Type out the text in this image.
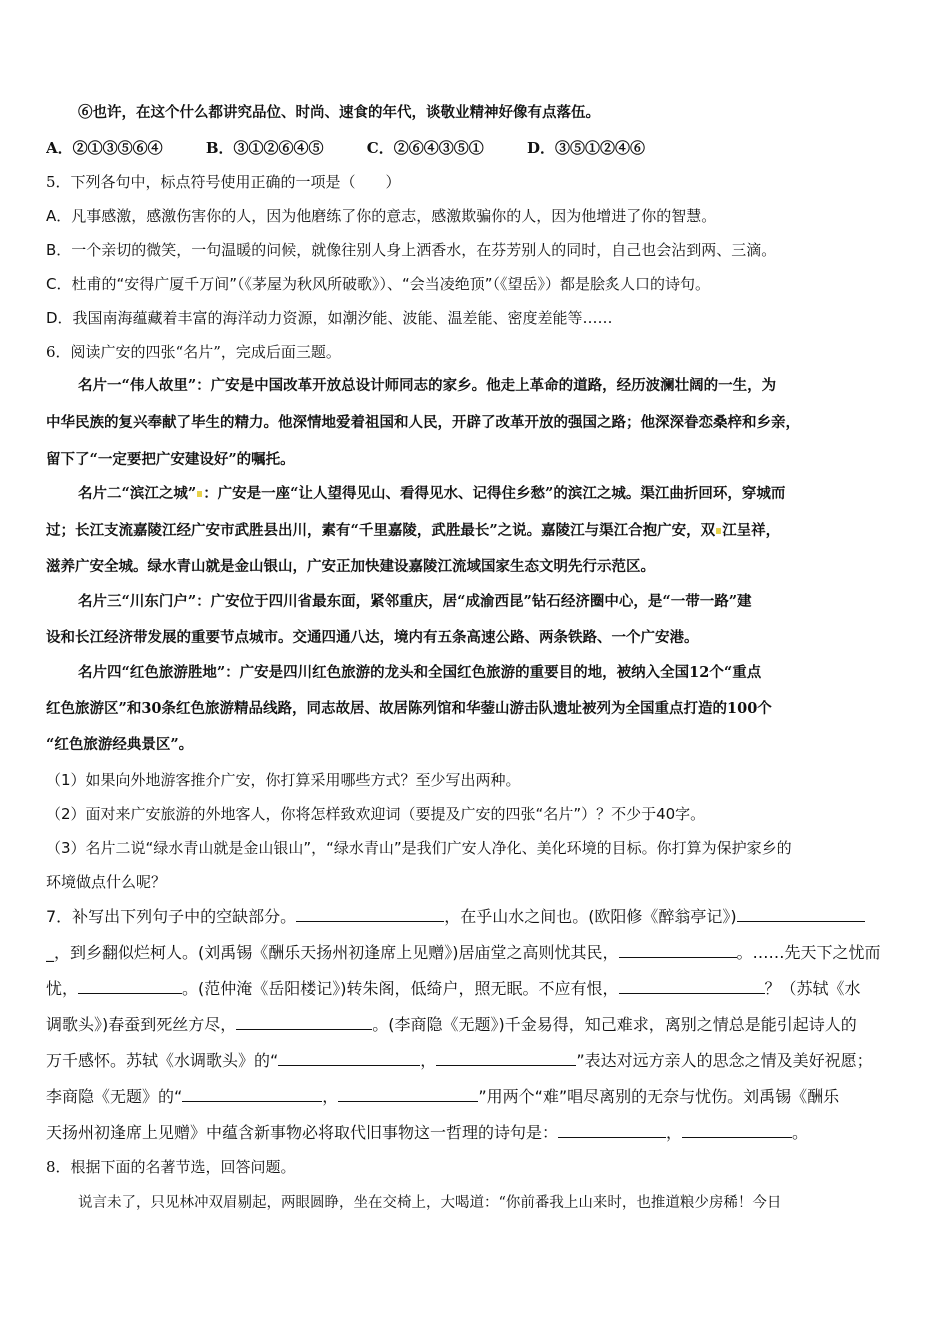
⑥也许，在这个什么都讲究品位、时尚、速食的年代，谈敬业精神好像有点落伍。
A．②①③⑤⑥④	B．③①②⑥④⑤	C．②⑥④③⑤①	D．③⑤①②④⑥
5．下列各句中，标点符号使用正确的一项是（　　）
A．凡事感激，感激伤害你的人，因为他磨练了你的意志，感激欺骗你的人，因为他增进了你的智慧。
B．一个亲切的微笑，一句温暖的问候，就像往别人身上洒香水，在芬芳别人的同时，自己也会沾到两、三滴。
C．杜甫的“安得广厦千万间”（《茅屋为秋风所破歌》）、“会当凌绝顶”（《望岳》）都是脍炙人口的诗句。
D．我国南海蕴藏着丰富的海洋动力资源，如潮汐能、波能、温差能、密度差能等……
6．阅读广安的四张“名片”，完成后面三题。
名片一“伟人故里”：广安是中国改革开放总设计师同志的家乡。他走上革命的道路，经历波澜壮阔的一生，为
中华民族的复兴奉献了毕生的精力。他深情地爱着祖国和人民，开辟了改革开放的强国之路；他深深眷恋桑梓和乡亲，
留下了“一定要把广安建设好”的嘱托。
名片二“滨江之城” ：广安是一座“让人望得见山、看得见水、记得住乡愁”的滨江之城。渠江曲折回环，穿城而
过；长江支流嘉陵江经广安市武胜县出川，素有“千里嘉陵，武胜最长”之说。嘉陵江与渠江合抱广安，双 江呈祥，
滋养广安全城。绿水青山就是金山银山，广安正加快建设嘉陵江流域国家生态文明先行示范区。
名片三“川东门户”：广安位于四川省最东面，紧邻重庆，居“成渝西昆”钻石经济圈中心，是“一带一路”建
设和长江经济带发展的重要节点城市。交通四通八达，境内有五条高速公路、两条铁路、一个广安港。
名片四“红色旅游胜地”：广安是四川红色旅游的龙头和全国红色旅游的重要目的地，被纳入全国12个“重点
红色旅游区”和30条红色旅游精品线路，同志故居、故居陈列馆和华蓥山游击队遗址被列为全国重点打造的100个
“红色旅游经典景区”。
（1）如果向外地游客推介广安，你打算采用哪些方式？至少写出两种。
（2）面对来广安旅游的外地客人，你将怎样致欢迎词（要提及广安的四张“名片”）？不少于40字。
（3）名片二说“绿水青山就是金山银山”，“绿水青山”是我们广安人净化、美化环境的目标。你打算为保护家乡的
环境做点什么呢？
7．补写出下列句子中的空缺部分。	，在乎山水之间也。(欧阳修《醉翁亭记》)
_，到乡翻似烂柯人。(刘禹锡《酬乐天扬州初逢席上见赠》)居庙堂之高则忧其民，	。……先天下之忧而
忧，	。(范仲淹《岳阳楼记》)转朱阁，低绮户，照无眠。不应有恨，	？（苏轼《水
调歌头》)春蚕到死丝方尽，	。(李商隐《无题》)千金易得，知己难求，离别之情总是能引起诗人的
万千感怀。苏轼《水调歌头》的“	，	”表达对远方亲人的思念之情及美好祝愿；
李商隐《无题》的“	，	”用两个“难”唱尽离别的无奈与忧伤。刘禹锡《酬乐
天扬州初逢席上见赠》中蕴含新事物必将取代旧事物这一哲理的诗句是：	，	。
8．根据下面的名著节选，回答问题。
说言未了，只见林冲双眉剔起，两眼圆睁，坐在交椅上，大喝道：“你前番我上山来时，也推道粮少房稀！今日
